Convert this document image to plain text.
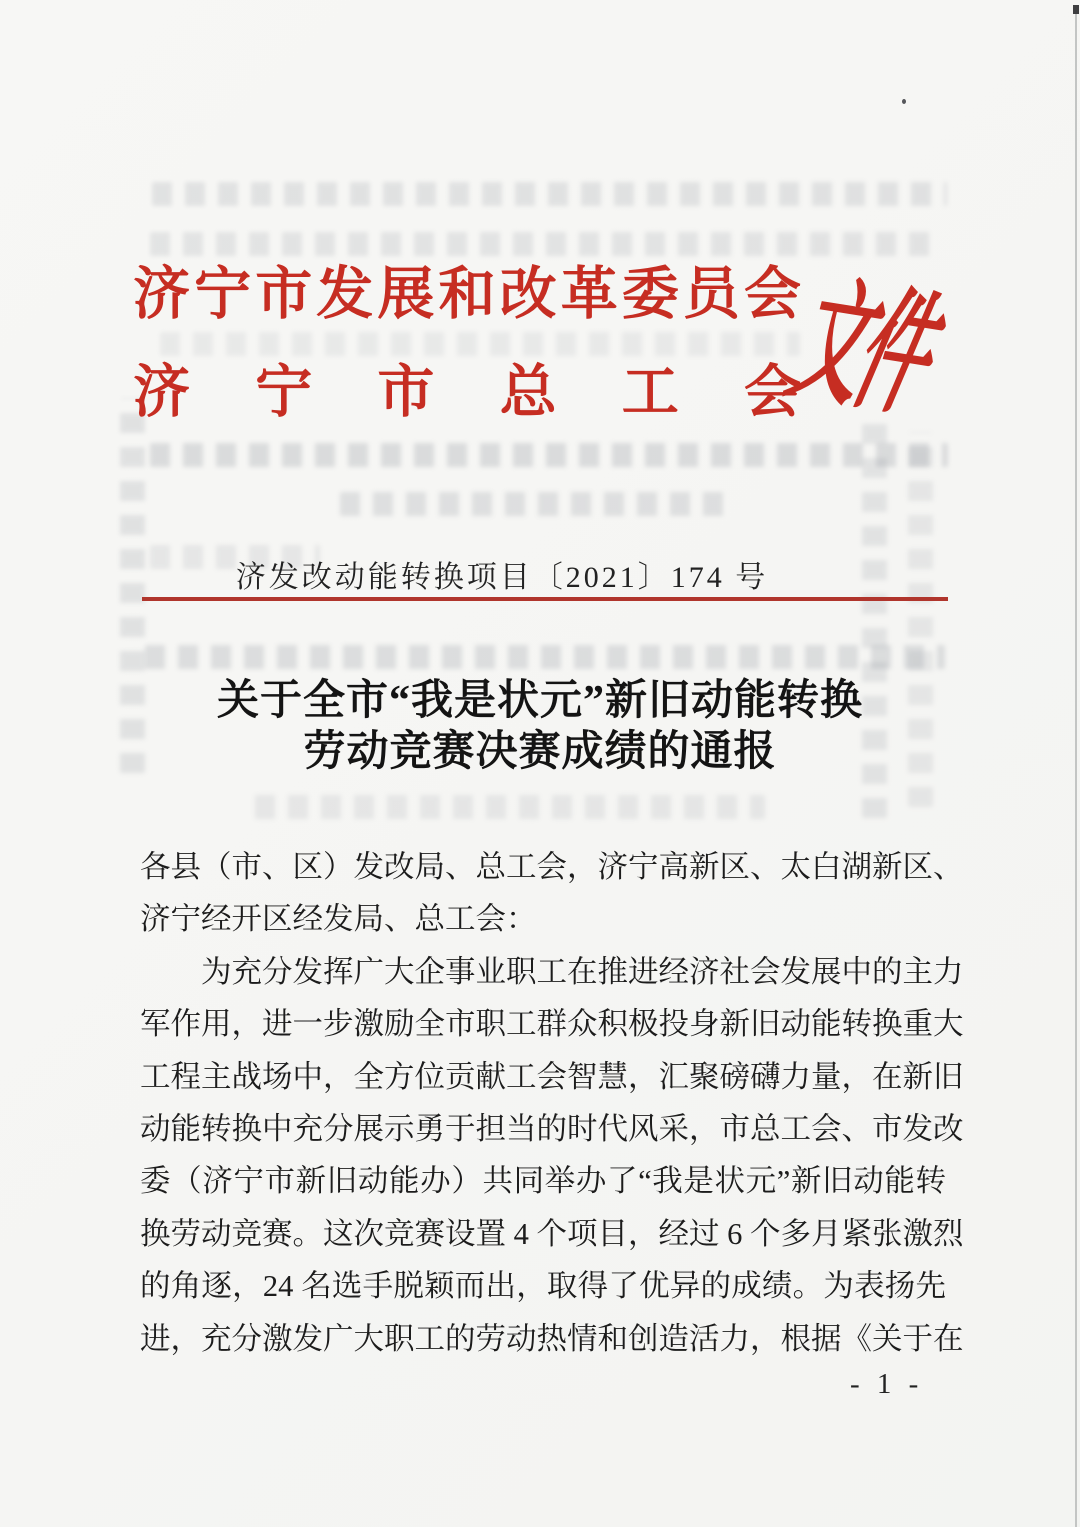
济宁市发展和改革委员会
济宁市总工会
文件
济发改动能转换项目〔2021〕174 号
关于全市“我是状元”新旧动能转换
劳动竞赛决赛成绩的通报
各县（市、区）发改局、总工会，济宁高新区、太白湖新区、
济宁经开区经发局、总工会：
为充分发挥广大企事业职工在推进经济社会发展中的主力
军作用，进一步激励全市职工群众积极投身新旧动能转换重大
工程主战场中，全方位贡献工会智慧，汇聚磅礴力量，在新旧
动能转换中充分展示勇于担当的时代风采，市总工会、市发改
委（济宁市新旧动能办）共同举办了“我是状元”新旧动能转
换劳动竞赛。这次竞赛设置 4 个项目，经过 6 个多月紧张激烈
的角逐，24 名选手脱颖而出，取得了优异的成绩。为表扬先
进，充分激发广大职工的劳动热情和创造活力，根据《关于在
- 1 -
